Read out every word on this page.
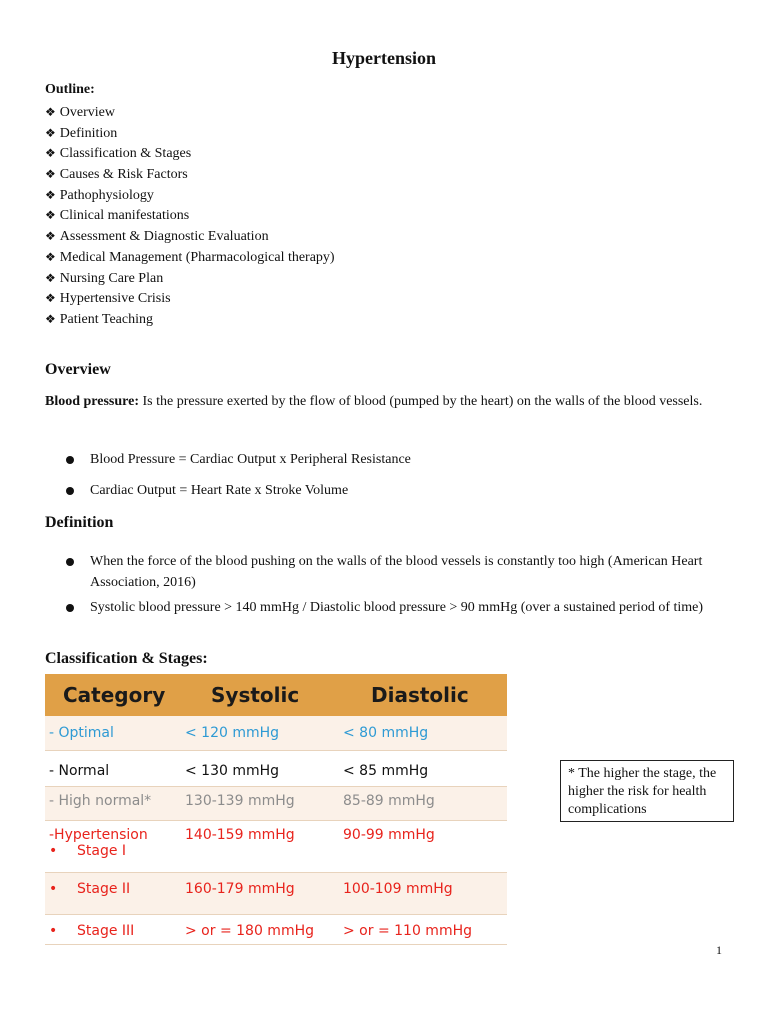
Hypertension
Outline:
❖ Overview
❖ Definition
❖ Classification & Stages
❖ Causes & Risk Factors
❖ Pathophysiology
❖ Clinical manifestations
❖ Assessment & Diagnostic Evaluation
❖ Medical Management (Pharmacological therapy)
❖ Nursing Care Plan
❖ Hypertensive Crisis
❖ Patient Teaching
Overview
Blood pressure: Is the pressure exerted by the flow of blood (pumped by the heart) on the walls of the blood vessels.
Blood Pressure = Cardiac Output x Peripheral Resistance
Cardiac Output = Heart Rate x Stroke Volume
Definition
When the force of the blood pushing on the walls of the blood vessels is constantly too high (American Heart Association, 2016)
Systolic blood pressure > 140 mmHg / Diastolic blood pressure > 90 mmHg (over a sustained period of time)
Classification & Stages:
Category	Systolic	Diastolic
- Optimal	< 120 mmHg	< 80 mmHg
- Normal	< 130 mmHg	< 85 mmHg
- High normal*	130-139 mmHg	85-89 mmHg

-Hypertension
• Stage I	140-159 mmHg	90-99 mmHg
• Stage II	160-179 mmHg	100-109 mmHg
• Stage III	> or = 180 mmHg	> or = 110 mmHg
* The higher the stage, the higher the risk for health complications
1
